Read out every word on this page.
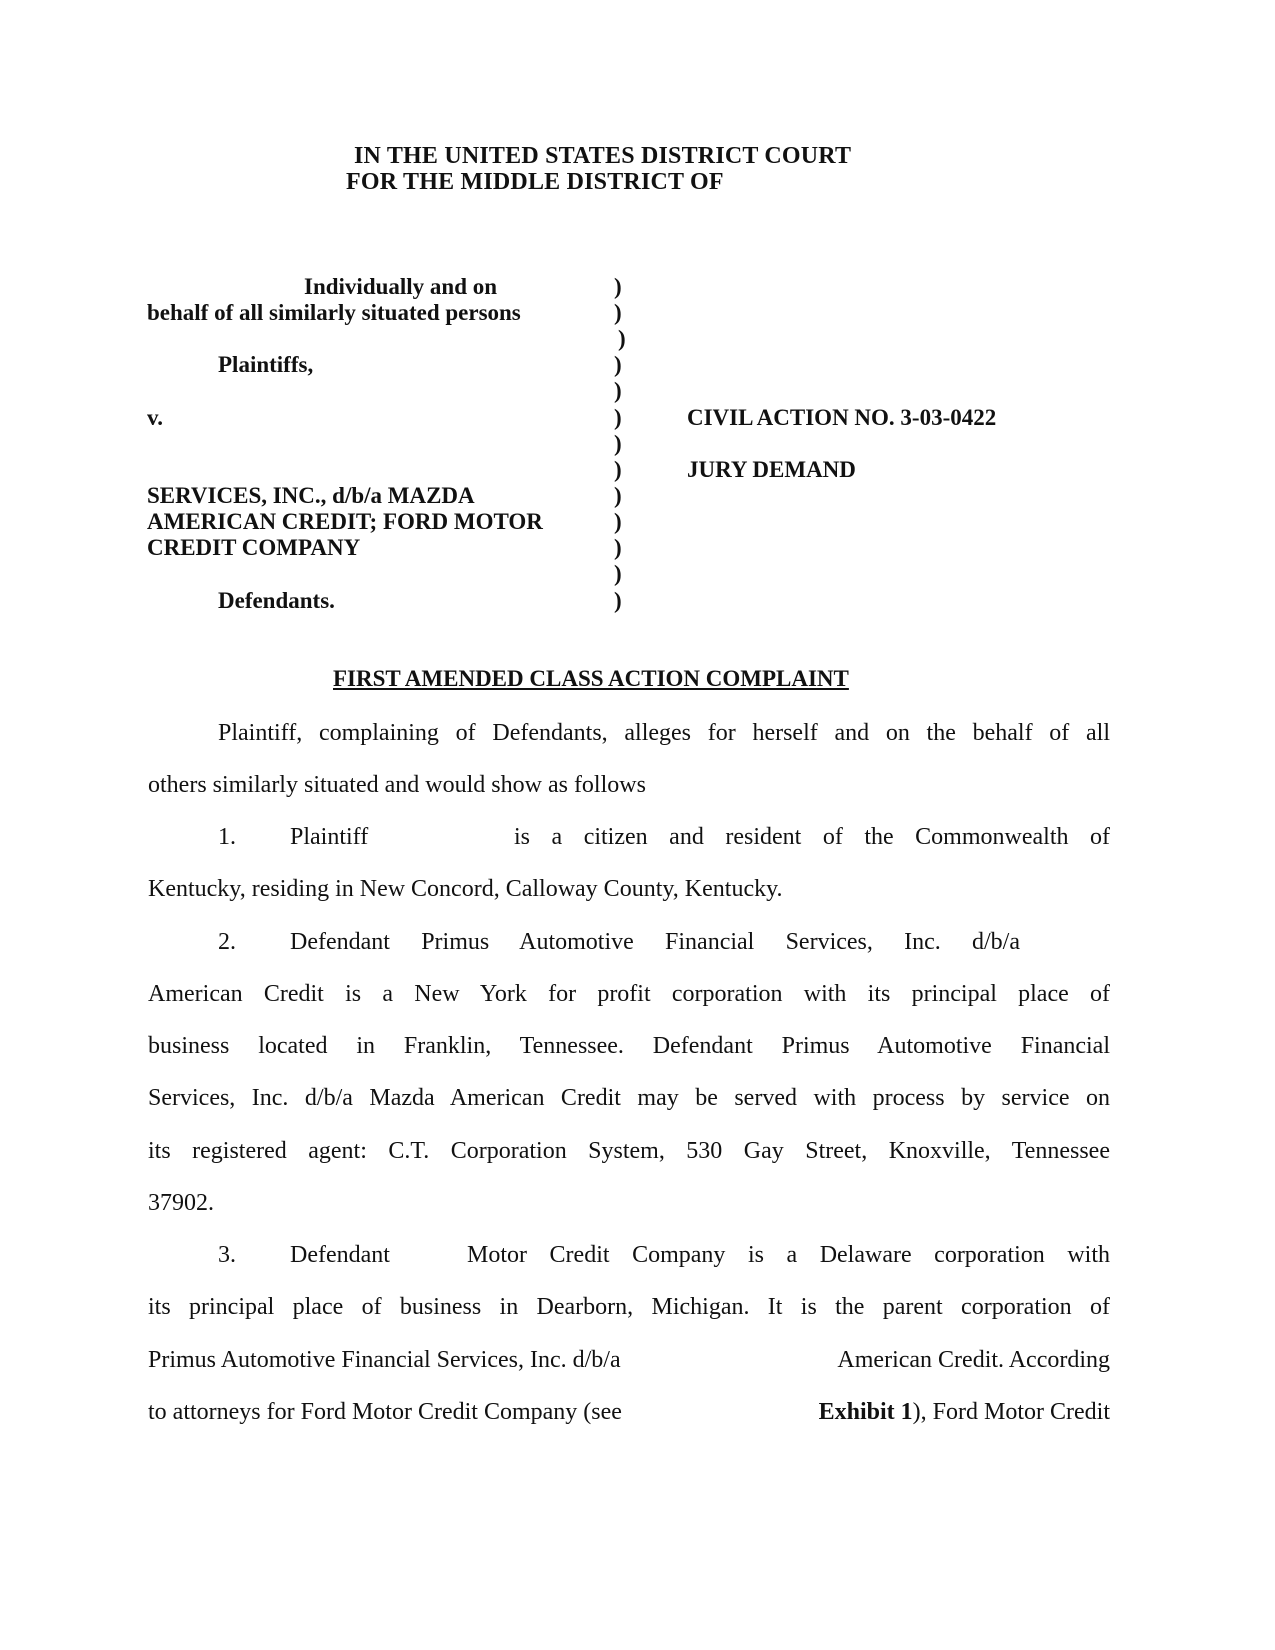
IN THE UNITED STATES DISTRICT COURT
FOR THE MIDDLE DISTRICT OF
Individually and on
behalf of all similarly situated persons
Plaintiffs,
v.
SERVICES, INC., d/b/a MAZDA
AMERICAN CREDIT; FORD MOTOR
CREDIT COMPANY
Defendants.
)
)
)
)
)
)
)
)
)
)
)
)
)
CIVIL ACTION NO. 3-03-0422
JURY DEMAND
FIRST AMENDED CLASS ACTION COMPLAINT
Plaintiff, complaining of Defendants, alleges for herself and on the behalf of all
others similarly situated and would show as follows
1. Plaintiff	is a citizen and resident of the Commonwealth of
Kentucky, residing in New Concord, Calloway County, Kentucky.
2. Defendant Primus Automotive Financial Services, Inc. d/b/a
American Credit is a New York for profit corporation with its principal place of
business located in Franklin, Tennessee. Defendant Primus Automotive Financial
Services, Inc. d/b/a Mazda American Credit may be served with process by service on
its registered agent: C.T. Corporation System, 530 Gay Street, Knoxville, Tennessee
37902.
3. Defendant	Motor Credit Company is a Delaware corporation with
its principal place of business in Dearborn, Michigan. It is the parent corporation of
Primus Automotive Financial Services, Inc. d/b/a	American Credit. According
to attorneys for Ford Motor Credit Company (see	Exhibit 1), Ford Motor Credit
